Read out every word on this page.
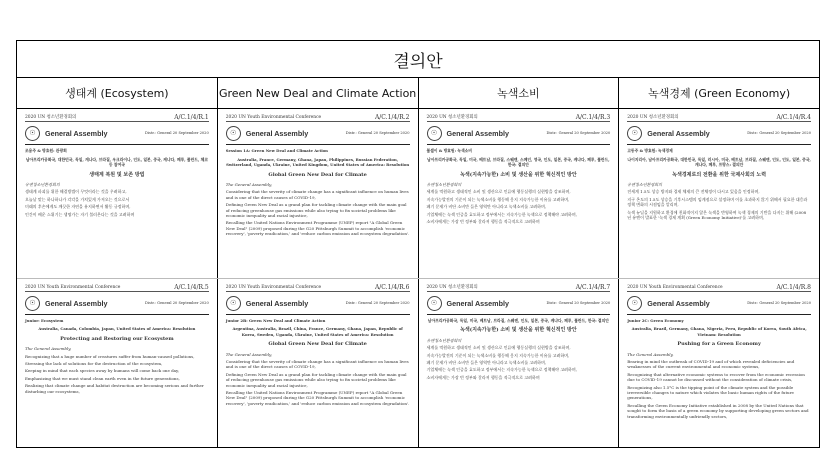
결의안
생태계 (Ecosystem)	Green New Deal and Climate Action	녹색소비	녹색경제 (Green Economy)
2020 UN 청소년환경회의	A/C.1/4/R.1
☉	General Assembly	Distr.: General 20 September 2020
조용주 & 방효원: 관광회
남아프리카공화국, 대한민국, 독일, 캐나다, 브라질, 우크라이나, 인도, 일본, 중국, 케냐다, 페루, 폴란드, 체코 등 참여국
생태계 복원 및 보존 방법
유엔청소년환경회의
생태계 파괴를 위한 해결방법이 무엇이라는 것을 우려하고,
오늘날 맞는 하나하나가 각각을 가치있게 가져오는 것으로서
미래의 후손에게도 깨끗한 자연을 유지하면서 활동 규정하며,
인간이 배운 스위기는 생명가는 자기 불러온다는 것을 고려하며
2020 UN Youth Environmental Conference	A/C.1/4/R.2
☉	General Assembly	Distr.: General 20 September 2020
Session 1A: Green New Deal and Climate Action
Australia, France, Germany, Ghana, Japan, Philippines, Russian Federation, Switzerland, Uganda, Ukraine, United Kingdom, United States of America: Resolution
Global Green New Deal for Climate
The General Assembly,
Considering that the severity of climate change has a significant influence on human lives and is one of the direct causes of COVID-19,
Defining Green New Deal as a grand plan for tackling climate change with the main goal of reducing greenhouse gas emissions while also trying to fix societal problems like economic inequality and racial injustice,
Recalling the United Nations Environment Programme (UNEP) report "A Global Green New Deal" (2009) proposed during the G20 Pittsburgh Summit to accomplish 'economic recovery', 'poverty eradication,' and 'reduce carbon emission and ecosystem degradation'.
2020 UN 청소년환경회의	A/C.1/4/R.3
☉	General Assembly	Distr.: General 20 September 2020
볼셀이 & 방효원: 녹색소비
남아프리카공화국, 독일, 미국, 베트남, 브라질, 스웨덴, 스페인, 영국, 인도, 일본, 중국, 케냐다, 페루, 폴란드, 한국: 결의안
녹색(지속가능한) 소비 및 생산을 위한 혁신적인 방안
유엔청소년환경회의
세계를 먹원하고 생태적인 소비 및 생산으로 인류에 행동실행의 실현방을 강조하며,
지속가능발전의 기준이 되는 녹색소비를 행동해 옹지 지속가능한 이유를 고려하며,
폐기 문제가 비단 소비만 들은 영역만 아니라고 녹색소비를 고려하며,
기업체에는 녹색 인증을 효도하고 정부에서는 지속가능한 녹색으로 정책해야 고려하며,
소비자에게는 가장 빈 정부와 갈라져 행동을 적극적으로 고려하며
2020 UN 청소년환경회의	A/C.1/4/R.4
☉	General Assembly	Distr.: General 20 September 2020
고동주 & 방효원: 녹색경제
나이지리아, 남아프리카공화국, 대한민국, 독일, 러시아, 미국, 베트남, 브라질, 스웨덴, 인도, 인도, 일본, 중국, 캐나다, 페루, 프랑스: 결의안
녹색경제로의 전환을 위한 국제사회의 노력
유엔청소년환경회의
전세계 1.5도 상승 방지와 경제 체제의 큰 전체정이 다시고 있음을 인정하며,
지구 온도의 1.5도 상승을 기후시스템의 임계점으로 설정하며 이를 초과하지 않기 위해서 필요한 대응과 정책 변화의 시점임을 알리며,
녹색 뉴딜을 지원하고 환경에 친화적이지 않은 녹색을 반영하여 녹색 경제의 기반을 다지는 위해 (2008 년 유엔이 발표한 '녹색 경제 계획 (Green Economy Initiative)'를 고려하며,
2020 UN Youth Environmental Conference	A/C.1/4/R.5
☉	General Assembly	Distr.: General 20 September 2020
Junior: Ecosystem
Australia, Canada, Colombia, Japan, United States of America: Resolution
Protecting and Restoring our Ecosystem
The General Assembly,
Recognizing that a huge number of creatures suffer from human-caused pollutions,
Stressing the lack of solutions for the destruction of the ecosystem,
Keeping in mind that each species away by humans will come back one day,
Emphasizing that we must stand clean earth even in the future generations,
Realizing that climate change and habitat destruction are becoming serious and further disturbing our ecosystems,
2020 UN Youth Environmental Conference	A/C.1/4/R.6
☉	General Assembly	Distr.: General 20 September 2020
Junior 2B: Green New Deal and Climate Action
Argentina, Australia, Brazil, China, France, Germany, Ghana, Japan, Republic of Korea, Sweden, Uganda, Ukraine, United States of America: Resolution
Global Green New Deal for Climate
The General Assembly,
Considering that the severity of climate change has a significant influence on human lives and is one of the direct causes of COVID-19,
Defining Green New Deal as a grand plan for tackling climate change with the main goal of reducing greenhouse gas emissions while also trying to fix societal problems like economic inequality and racial injustice,
Recalling the United Nations Environment Programme (UNEP) report "A Global Green New Deal" (2009) proposed during the G20 Pittsburgh Summit to accomplish 'economic recovery', 'poverty eradication,' and 'reduce carbon emission and ecosystem degradation'.
2020 UN 청소년환경회의	A/C.1/4/R.7
☉	General Assembly	Distr.: General 20 September 2020
남아프리카공화국, 독일, 미국, 베트남, 브라질, 스웨덴, 인도, 일본, 중국, 케냐다, 페루, 폴란드, 한국: 결의안
녹색(지속가능한) 소비 및 생산을 위한 혁신적인 방안
유엔청소년환경회의
세계를 먹원하고 생태적인 소비 및 생산으로 인류에 행동실행의 실현방을 강조하며,
지속가능발전의 기준이 되는 녹색소비를 행동해 옹지 지속가능한 이유를 고려하며,
폐기 문제가 비단 소비만 들은 영역만 아니라고 녹색소비를 고려하며,
기업체에는 녹색 인증을 효도하고 정부에서는 지속가능한 녹색으로 정책해야 고려하며,
소비자에게는 가장 빈 정부와 갈라져 행동을 적극적으로 고려하며
2020 UN Youth Environmental Conference	A/C.1/4/R.8
☉	General Assembly	Distr.: General 20 September 2020
Junior 2C: Green Economy
Australia, Brazil, Germany, Ghana, Nigeria, Peru, Republic of Korea, South Africa, Vietnam: Resolution
Pushing for a Green Economy
The General Assembly,
Bearing in mind the outbreak of COVID-19 and of which revealed deficiencies and weaknesses of the current environmental and economic systems,
Recognizing that alternative economic systems to recover from the economic recession due to COVID-19 cannot be discussed without the consideration of climate crisis,
Recognizing also 1.5°C is the tipping point of the climate system and the possible irreversible changes to nature which violates the basic human rights of the future generations,
Recalling the Green Economy Initiative established in 2008 by the United Nations that sought to form the basis of a green economy by supporting developing green sectors and transforming environmentally unfriendly sectors,
